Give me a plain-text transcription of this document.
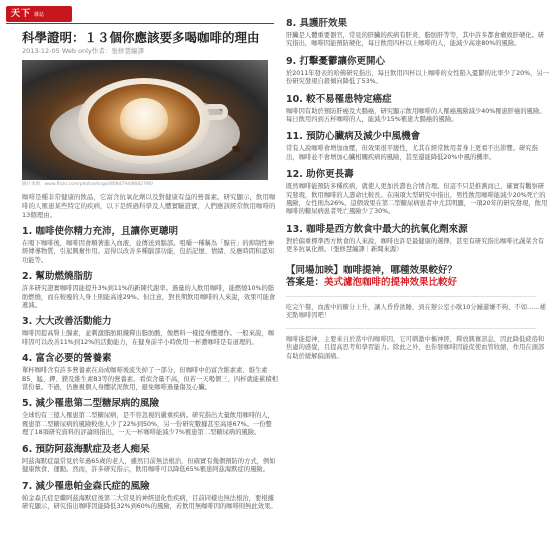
天下 雜誌
科學證明：１３個你應該要多喝咖啡的理由
2013-12-05 Web only作者：張修慧編譯
圖片來源：www.flickr.com/photos/kngsl/8084794/8682790/
咖啡是種非常健康的飲品，它富含抗氧化劑以及對健康有益的營養素。研究顯示，飲用咖啡的人罹患某些特定的疾病，以下是經過科學及人體實驗證實，人們應該經常飲用咖啡的13個理由。
1. 咖啡使你精力充沛，且讓你更聰明

在喝下咖啡後，咖啡因會順著進入血液，並傳送到腦部。咀嚼一種稱為「腺苷」的抑制性神經傳導物質，引起興奮作用。這得以改善多種腦部功能，包括記憶、情緒、反應時間和認知功能等。

2. 幫助燃燒脂肪

許多研究證實咖啡因能提升3%到11%的新陳代謝率。過量的人飲用咖啡，能燃燒10%的脂肪燃燒，而在較瘦的人身上則能高達29%。但注意，對長期飲用咖啡的人來說，效果可能會遞減。

3. 大大改善活動能力

咖啡因提高腎上腺素，並刺激脂肪組織釋出脂肪酸，像燃料一樣提身體運作。一般來說，咖啡因可以改善11%到12%的活動能力，在健身前半小時飲用一杯濃咖啡是有道理的。

4. 富含必要的營養素

單杯咖啡含有許多營養素在烏成咖啡後流失掉了一部分，但咖啡中仍富含維素素、維生素B5、錳、鉀、鎂及維生素B3等的營養素。看似含量不高，但若一天喝個三、四杯就能累積相當份量。不過，仍應視個人身體狀況飲用，避免咖啡過量傷及心臟。

5. 減少罹患第二型糖尿病的風險

全球約有三億人罹患第二型糖尿病，是不容忽視的嚴重疾病。研究指出大量飲用咖啡的人，罹患第二型糖尿病的風險較他人少了22%到50%，另一份研究數據甚至高達67%。一份整理了18項研究資料的評論則指出，一天一杯咖啡能減少7%罹患第二型糖尿病的風險。

6. 預防阿茲海默症及老人痴呆

阿茲海默症最常見於年過65歲的老人，雖然目前無法根治，但確實有幾個預防的方式，例如健康飲食、運動。然而，許多研究指示，飲用咖啡可以降低65%罹患阿茲海默症的風險。

7. 減少罹患帕金森氏症的風險

帕金森氏症是繼阿茲海默症後第二大常見的神經退化性疾病，目前同樣也無法根治，要根據研究顯示，研究指出咖啡因能降低32%到60%的風險，若飲用無咖啡因的咖啡則無此效果。

8. 具護肝效果

肝臟是人體重要器官，常見的肝臟的疾病有肝炎、脂肪肝等等，其中許多都會瘤致肝硬化。研究指出，咖啡因能預防硬化，每日飲用四杯以上咖啡的人，能減少高達80%的風險。

9. 打擊憂鬱讓你更開心

於2011年發表的哈佛研究指出，每日飲用四杯以上咖啡的女性陷入憂鬱的比率少了20%，另一份研究發現自殺傾向降低了53%。

10. 較不易罹患特定癌症

咖啡因有助於預防肝癌及大腸癌，研究顯示飲用咖啡的人罹癌風險減少40%罹患肝癌的風險。每日飲用四到五杯咖啡的人，能減少15%罹患大腸癌的風險。

11. 預防心臟病及減少中風機會

常有人說咖啡會增加血壓，但效果很平緩性，尤其在經常飲用者身上更看不出影響。研究指出，咖啡並不會增加心臟相關疾病的風險，甚至還能降低20%中風的機率。

12. 助你更長壽

既然咖啡能預防多種疾病，就使人更加長壽也合情合理。但這不只是推測而已，確實有觀察研究發現，飲用咖啡的人壽命比較長。在兩項大型研究中指出，男性飲用咖啡能減少20%死亡的風險，女性則為26%。這個效果在第二型糖尿病患者中尤其明顯，一項20年的研究發現，飲用咖啡的糖尿病患者死亡風險少了30%。

13. 咖啡是西方飲食中最大的抗氧化劑來源

對於偏重標準西方飲食的人來說，咖啡也許是最健康的選擇，甚至有研究指出咖啡比蔬菜含有更多抗氧化劑。（張修慧編譯｜新聞來源）

【同場加映】咖啡提神，哪種效果較好？
答案是：美式濾泡咖啡的提神效果比較好
吃完午餐，血液中的糖分上升，讓人昏昏欲睡，到在辦公室小歇10分鐘還嫌不夠，不如……補充點咖啡因吧！
咖啡能提神，主要來自於當中的咖啡因，它可刺激中樞神經，釋放興奮訊息，因此降低疲倦和焦慮的感覺，且提高思考和學習能力。除此之外，也你發咖啡因能促使血管收縮，作用在頭部有助於緩解偏頭痛。
